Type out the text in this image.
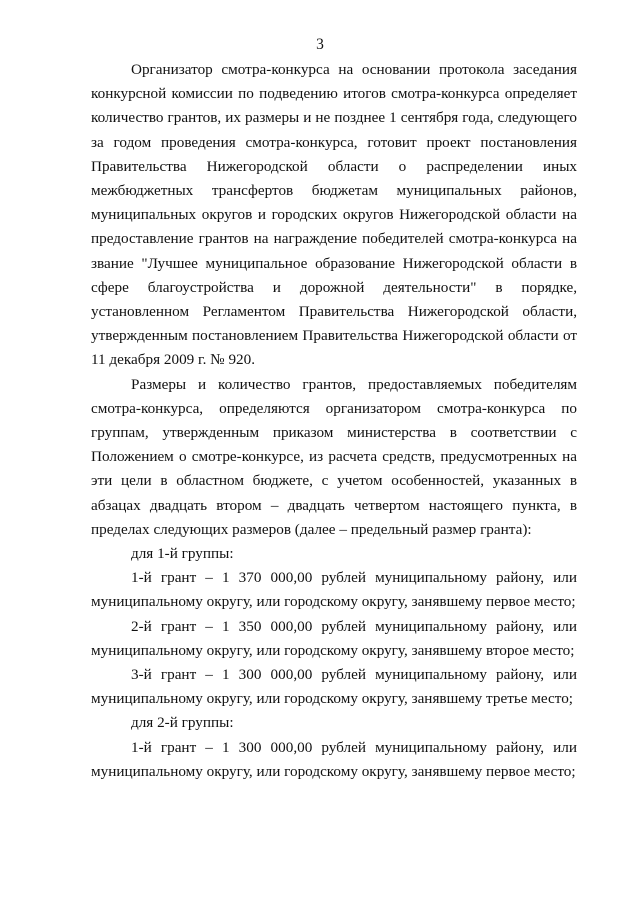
3

Организатор смотра-конкурса на основании протокола заседания конкурсной комиссии по подведению итогов смотра-конкурса определяет количество грантов, их размеры и не позднее 1 сентября года, следующего за годом проведения смотра-конкурса, готовит проект постановления Правительства Нижегородской области о распределении иных межбюджетных трансфертов бюджетам муниципальных районов, муниципальных округов и городских округов Нижегородской области на предоставление грантов на награждение победителей смотра-конкурса на звание "Лучшее муниципальное образование Нижегородской области в сфере благоустройства и дорожной деятельности" в порядке, установленном Регламентом Правительства Нижегородской области, утвержденным постановлением Правительства Нижегородской области от 11 декабря 2009 г. № 920.

Размеры и количество грантов, предоставляемых победителям смотра-конкурса, определяются организатором смотра-конкурса по группам, утвержденным приказом министерства в соответствии с Положением о смотре-конкурсе, из расчета средств, предусмотренных на эти цели в областном бюджете, с учетом особенностей, указанных в абзацах двадцать втором – двадцать четвертом настоящего пункта, в пределах следующих размеров (далее – предельный размер гранта):

для 1-й группы:

1-й грант – 1 370 000,00 рублей муниципальному району, или муниципальному округу, или городскому округу, занявшему первое место;

2-й грант – 1 350 000,00 рублей муниципальному району, или муниципальному округу, или городскому округу, занявшему второе место;

3-й грант – 1 300 000,00 рублей муниципальному району, или муниципальному округу, или городскому округу, занявшему третье место;

для 2-й группы:

1-й грант – 1 300 000,00 рублей муниципальному району, или муниципальному округу, или городскому округу, занявшему первое место;
